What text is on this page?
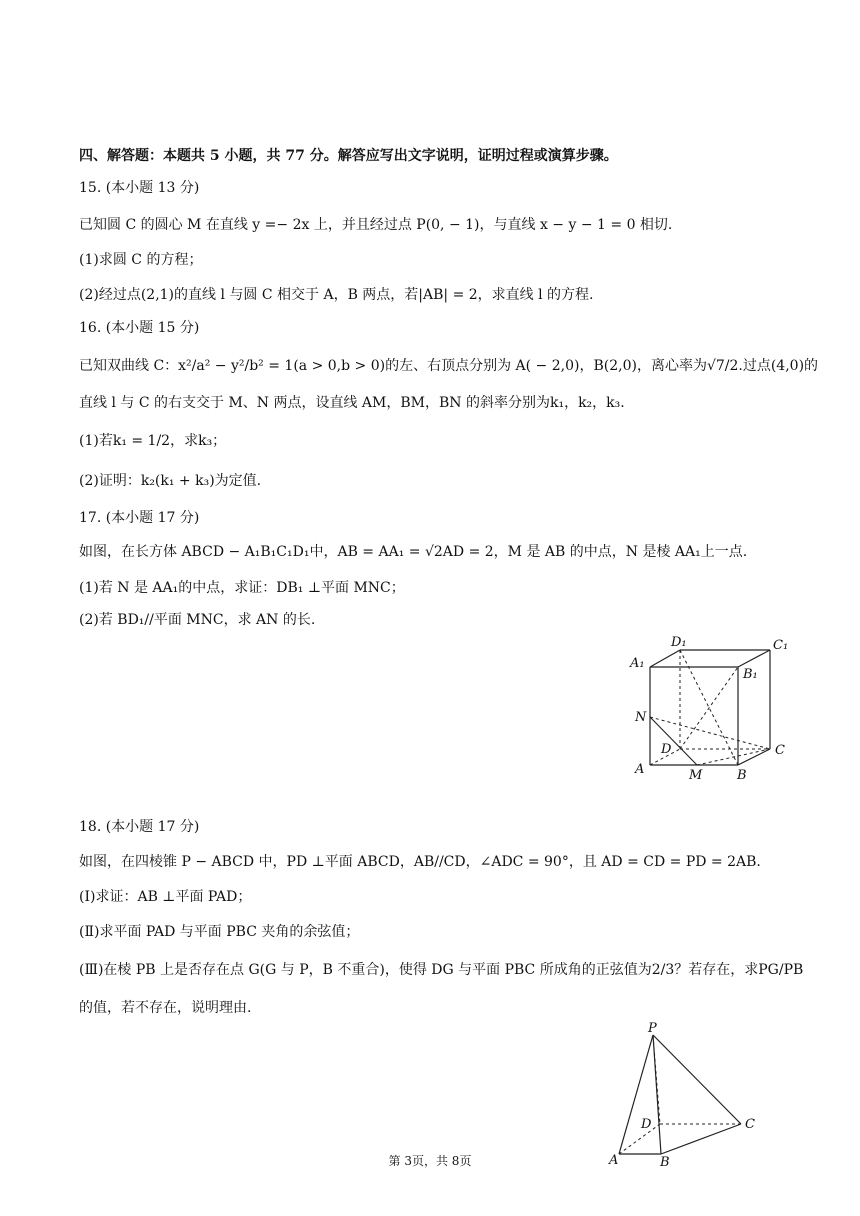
四、解答题：本题共 5 小题，共 77 分。解答应写出文字说明，证明过程或演算步骤。
15. (本小题 13 分)
已知圆 C 的圆心 M 在直线 y =− 2x 上，并且经过点 P(0, − 1)，与直线 x − y − 1 = 0 相切.
(1)求圆 C 的方程；
(2)经过点(2,1)的直线 l 与圆 C 相交于 A，B 两点，若|AB| = 2，求直线 l 的方程.
16. (本小题 15 分)
已知双曲线 C：x²/a² − y²/b² = 1(a > 0,b > 0)的左、右顶点分别为 A( − 2,0)，B(2,0)，离心率为√7/2.过点(4,0)的
直线 l 与 C 的右支交于 M、N 两点，设直线 AM，BM，BN 的斜率分别为k₁，k₂，k₃.
(1)若k₁ = 1/2，求k₃；
(2)证明：k₂(k₁ + k₃)为定值.
17. (本小题 17 分)
如图，在长方体 ABCD − A₁B₁C₁D₁中，AB = AA₁ = √2AD = 2，M 是 AB 的中点，N 是棱 AA₁上一点.
(1)若 N 是 AA₁的中点，求证：DB₁ ⊥平面 MNC；
(2)若 BD₁//平面 MNC，求 AN 的长.
A₁
D₁	C₁
B₁
N
D	C
A	M	B
18. (本小题 17 分)
如图，在四棱锥 P − ABCD 中，PD ⊥平面 ABCD，AB//CD，∠ADC = 90°，且 AD = CD = PD = 2AB.
(Ⅰ)求证：AB ⊥平面 PAD；
(Ⅱ)求平面 PAD 与平面 PBC 夹角的余弦值；
(Ⅲ)在棱 PB 上是否存在点 G(G 与 P，B 不重合)，使得 DG 与平面 PBC 所成角的正弦值为2/3？若存在，求PG/PB
的值，若不存在，说明理由.
P
D	C
A	B
第 3页，共 8页
